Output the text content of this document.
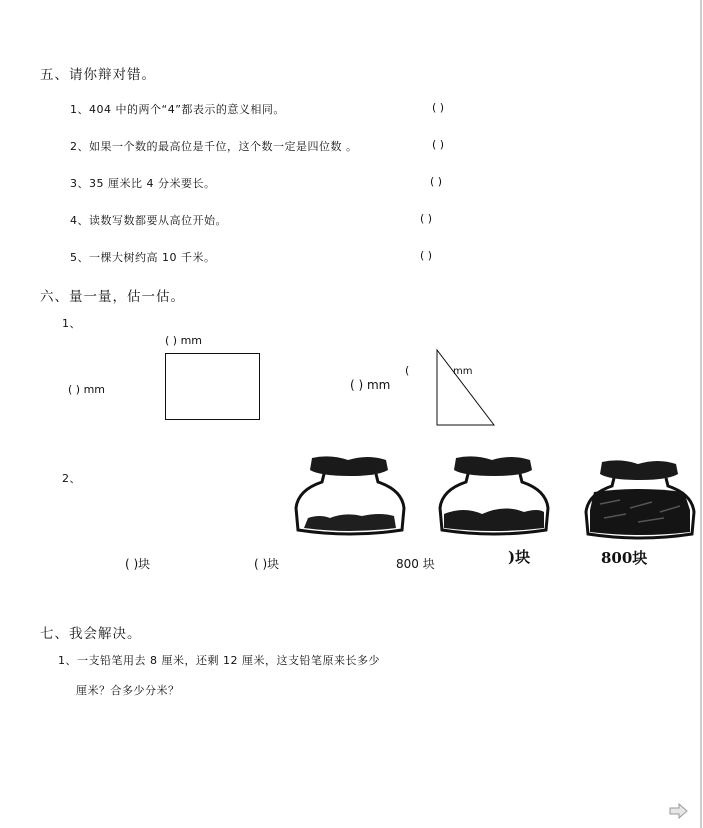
五、请你辩对错。
1、404 中的两个“4”都表示的意义相同。	( )
2、如果一个数的最高位是千位，这个数一定是四位数 。	( )
3、35 厘米比 4 分米要长。	( )
4、读数写数都要从高位开始。	( )
5、一棵大树约高 10 千米。	( )
六、量一量，估一估。
1、
( ) mm
( ) mm
(	mm
( ) mm
2、
( )块	( )块	800 块	)块	800块
七、我会解决。
1、一支铅笔用去 8 厘米，还剩 12 厘米，这支铅笔原来长多少
厘米？合多少分米？
